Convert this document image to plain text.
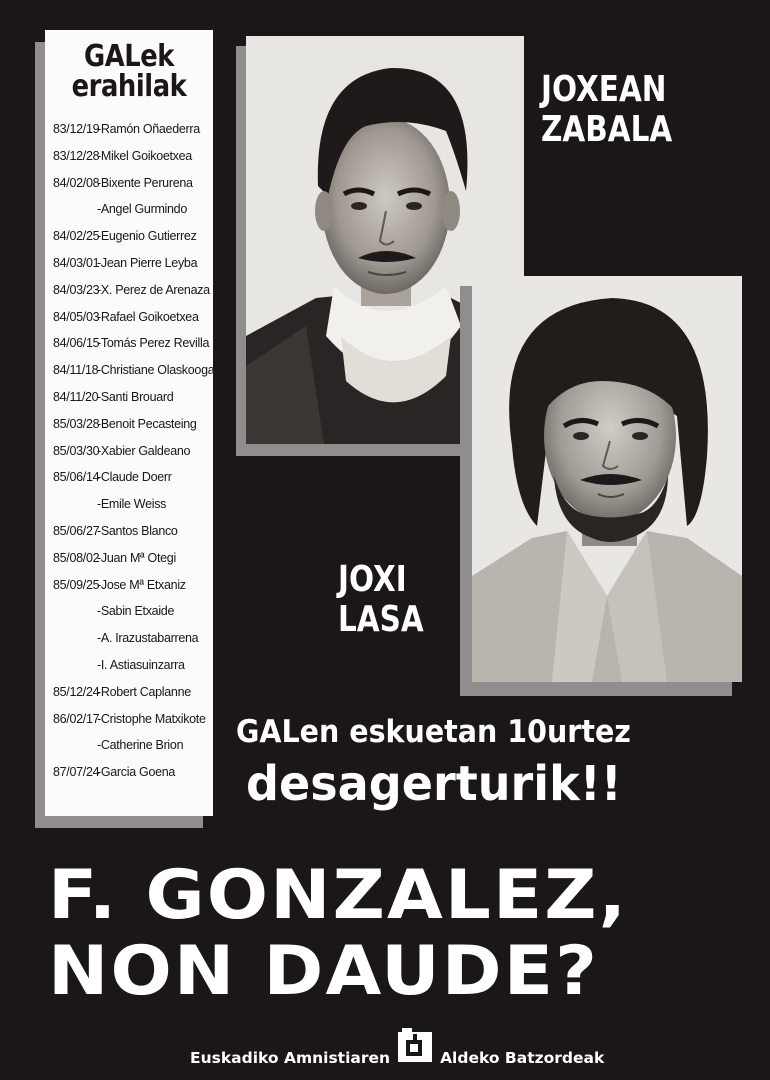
GALek
erahilak
83/12/19-Ramón Oñaederra
83/12/28-Mikel Goikoetxea
84/02/08-Bixente Perurena
-Angel Gurmindo
84/02/25-Eugenio Gutierrez
84/03/01-Jean Pierre Leyba
84/03/23-X. Perez de Arenaza
84/05/03-Rafael Goikoetxea
84/06/15-Tomás Perez Revilla
84/11/18-Christiane Olaskooga
84/11/20-Santi Brouard
85/03/28-Benoit Pecasteing
85/03/30-Xabier Galdeano
85/06/14-Claude Doerr
-Emile Weiss
85/06/27-Santos Blanco
85/08/02-Juan Mª Otegi
85/09/25-Jose Mª Etxaniz
-Sabin Etxaide
-A. Irazustabarrena
-I. Astiasuinzarra
85/12/24-Robert Caplanne
86/02/17-Cristophe Matxikote
-Catherine Brion
87/07/24-Garcia Goena
JOXEAN
ZABALA
JOXI
LASA
GALen eskuetan 10urtez
desagerturik!!
F. GONZALEZ,
NON DAUDE?
Euskadiko Amnistiaren	Aldeko Batzordeak
